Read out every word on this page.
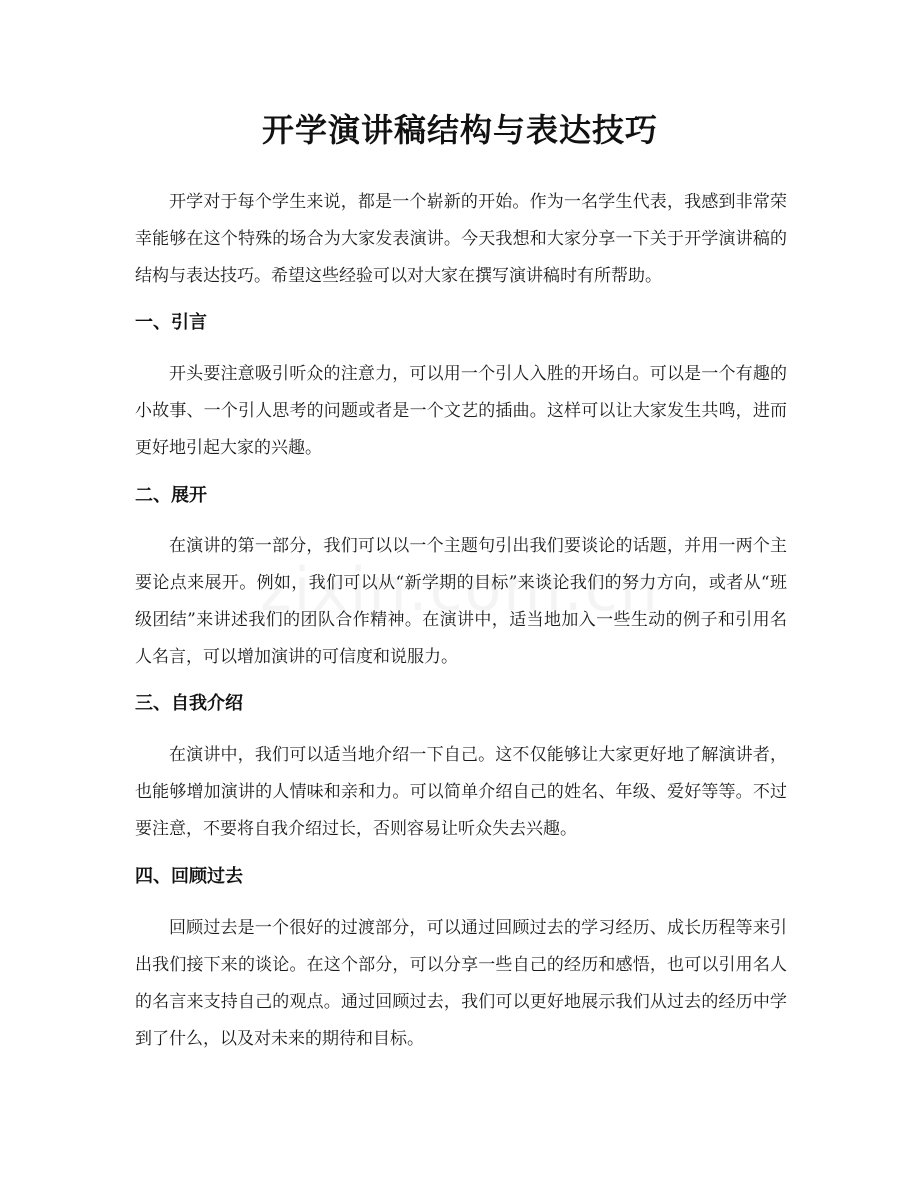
开学演讲稿结构与表达技巧

开学对于每个学生来说，都是一个崭新的开始。作为一名学生代表，我感到非常荣幸能够在这个特殊的场合为大家发表演讲。今天我想和大家分享一下关于开学演讲稿的结构与表达技巧。希望这些经验可以对大家在撰写演讲稿时有所帮助。

一、引言

开头要注意吸引听众的注意力，可以用一个引人入胜的开场白。可以是一个有趣的小故事、一个引人思考的问题或者是一个文艺的插曲。这样可以让大家发生共鸣，进而更好地引起大家的兴趣。

二、展开

在演讲的第一部分，我们可以以一个主题句引出我们要谈论的话题，并用一两个主要论点来展开。例如，我们可以从“新学期的目标”来谈论我们的努力方向，或者从“班级团结”来讲述我们的团队合作精神。在演讲中，适当地加入一些生动的例子和引用名人名言，可以增加演讲的可信度和说服力。

三、自我介绍

在演讲中，我们可以适当地介绍一下自己。这不仅能够让大家更好地了解演讲者，也能够增加演讲的人情味和亲和力。可以简单介绍自己的姓名、年级、爱好等等。不过要注意，不要将自我介绍过长，否则容易让听众失去兴趣。

四、回顾过去

回顾过去是一个很好的过渡部分，可以通过回顾过去的学习经历、成长历程等来引出我们接下来的谈论。在这个部分，可以分享一些自己的经历和感悟，也可以引用名人的名言来支持自己的观点。通过回顾过去，我们可以更好地展示我们从过去的经历中学到了什么，以及对未来的期待和目标。
